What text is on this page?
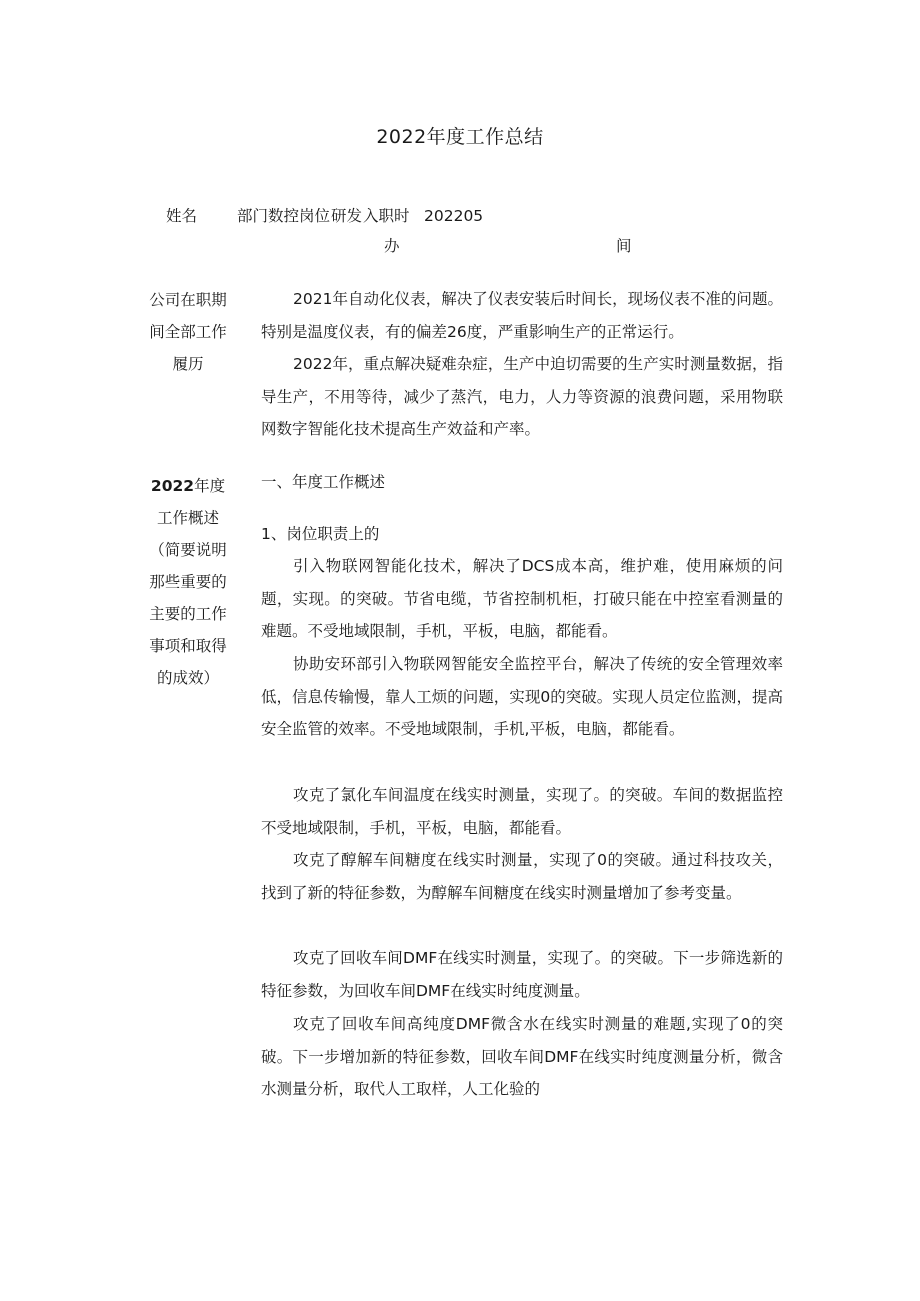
2022年度工作总结
姓名	部门
办
数控岗位 研发 入职时
间
202205
公司在职期
间全部工作
履历

2021年自动化仪表，解决了仪表安装后时间长，现场仪表不准的问题。特别是温度仪表，有的偏差26度，严重影响生产的正常运行。

2022年，重点解决疑难杂症，生产中迫切需要的生产实时测量数据，指导生产，不用等待，减少了蒸汽，电力，人力等资源的浪费问题，采用物联网数字智能化技术提高生产效益和产率。

2022年度
工作概述
（简要说明
那些重要的
主要的工作
事项和取得
的成效）

一、年度工作概述

1、岗位职责上的

引入物联网智能化技术，解决了DCS成本高，维护难，使用麻烦的问题，实现。的突破。节省电缆，节省控制机柜，打破只能在中控室看测量的难题。不受地域限制，手机，平板，电脑，都能看。

协助安环部引入物联网智能安全监控平台，解决了传统的安全管理效率低，信息传输慢，靠人工烦的问题，实现0的突破。实现人员定位监测，提高安全监管的效率。不受地域限制，手机,平板，电脑，都能看。

攻克了氯化车间温度在线实时测量，实现了。的突破。车间的数据监控不受地域限制，手机，平板，电脑，都能看。

攻克了醇解车间糖度在线实时测量，实现了0的突破。通过科技攻关，找到了新的特征参数，为醇解车间糖度在线实时测量增加了参考变量。

攻克了回收车间DMF在线实时测量，实现了。的突破。下一步筛选新的特征参数，为回收车间DMF在线实时纯度测量。

攻克了回收车间高纯度DMF微含水在线实时测量的难题,实现了0的突破。下一步增加新的特征参数，回收车间DMF在线实时纯度测量分析，微含水测量分析，取代人工取样，人工化验的
